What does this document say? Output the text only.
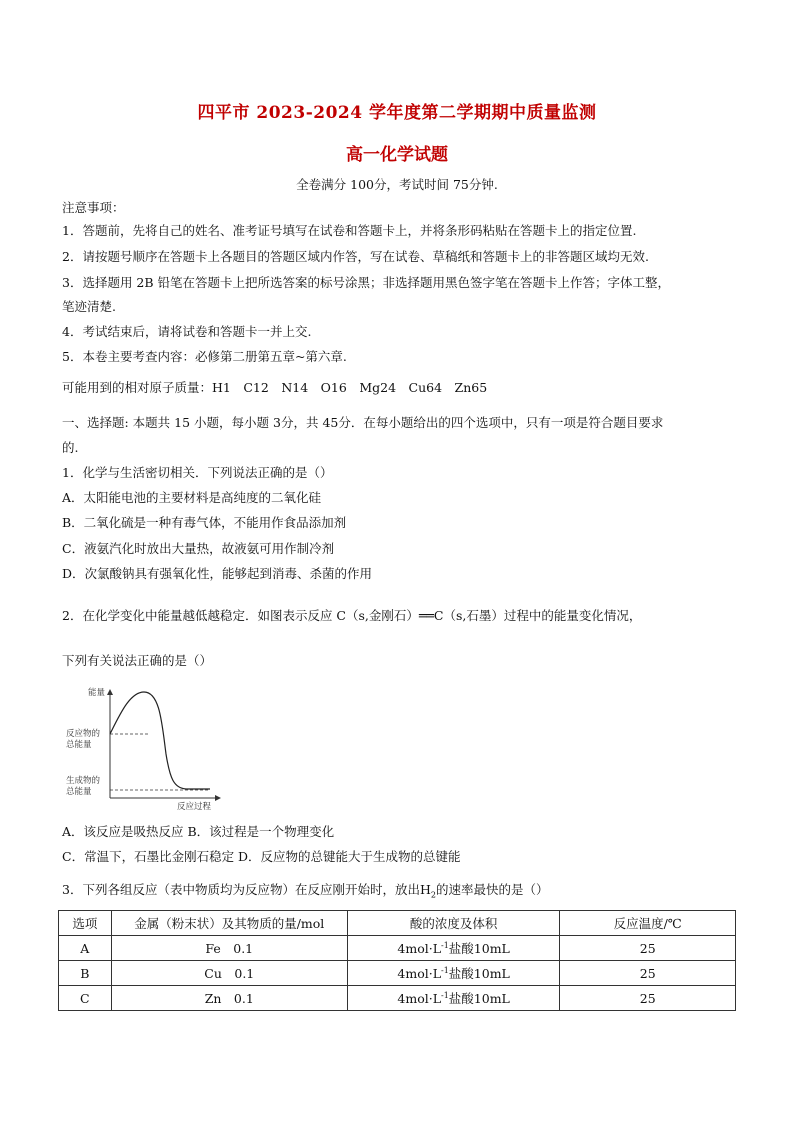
四平市 2023-2024 学年度第二学期期中质量监测
高一化学试题
全卷满分 100分，考试时间 75分钟.
注意事项：
1．答题前，先将自己的姓名、准考证号填写在试卷和答题卡上，并将条形码粘贴在答题卡上的指定位置.
2．请按题号顺序在答题卡上各题目的答题区域内作答，写在试卷、草稿纸和答题卡上的非答题区域均无效.
3．选择题用 2B 铅笔在答题卡上把所选答案的标号涂黑；非选择题用黑色签字笔在答题卡上作答；字体工整，
笔迹清楚.
4．考试结束后，请将试卷和答题卡一并上交.
5．本卷主要考查内容：必修第二册第五章~第六章.
可能用到的相对原子质量：H1　C12　N14　O16　Mg24　Cu64　Zn65
一、选择题: 本题共 15 小题，每小题 3分，共 45分．在每小题给出的四个选项中，只有一项是符合题目要求
的.
1．化学与生活密切相关．下列说法正确的是（）
A．太阳能电池的主要材料是高纯度的二氧化硅
B．二氧化硫是一种有毒气体，不能用作食品添加剂
C．液氨汽化时放出大量热，故液氨可用作制冷剂
D．次氯酸钠具有强氧化性，能够起到消毒、杀菌的作用
2．在化学变化中能量越低越稳定．如图表示反应 C（s,金刚石）══C（s,石墨）过程中的能量变化情况，
下列有关说法正确的是（）
能量
反应物的
总能量
生成物的
总能量
反应过程
A．该反应是吸热反应 B．该过程是一个物理变化
C．常温下，石墨比金刚石稳定 D．反应物的总键能大于生成物的总键能
3．下列各组反应（表中物质均为反应物）在反应刚开始时，放出$H_2$的速率最快的是（）
选项	金属（粉末状）及其物质的量/mol	酸的浓度及体积	反应温度/℃
A	Fe　0.1	$4mol\cdot L^{-1}$盐酸10mL	25
B	Cu　0.1	$4mol\cdot L^{-1}$盐酸10mL	25
C	Zn　0.1	$4mol\cdot L^{-1}$盐酸10mL	25
